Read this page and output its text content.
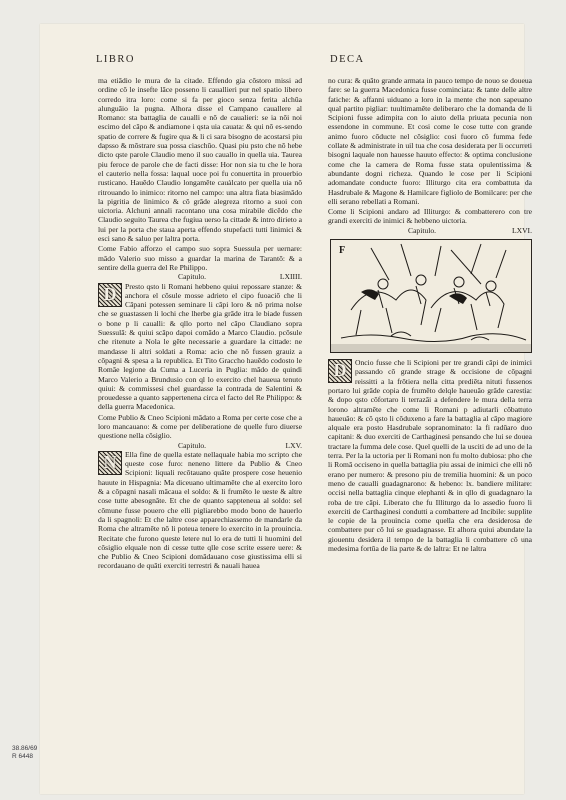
LIBRO	DECA

ma etiādio le mura de la citade. Effendo gia cōstoro missi ad ordine cō le insefte lāce posseno li cauallieri pur nel spatio libero corredo itra loro: come si fa per gioco senza ferita alchūa alunguāio la pugna. Alhora disse el Campano cauallere al Romano: sta battaglia de caualli e nō de caualieri: se ia nōi noi escimo del cāpo & andiamone i qsta uia cauata: & qui nō es-sendo spatio de correre & fugire qua & li ci sara bisogno de acostarsi piu dapsso & mōstrare sua possa ciaschūo. Quasi piu psto che nō hebe dicto qste parole Claudio meno il suo cauallo in quella uia. Taurea piu feroce de parole che de facti disse: Hor non sia tu che le hora el cauterio nella fossa: laqual uoce poi fu conuertita in prouerbio rusticano. Hauēdo Claudio longamēte cauàlcato per quella uia nō ritrouando lo inimico: ritorno nel campo: una altra fiata biasimādo la pigritia de linimico & cō grāde alegreza ritorno a suoi con uictoria. Alchuni annali racontano una cosa mirabile dicēdo che Claudio seguito Taurea che fugiua uerso la cittade & intro dirieto a lui per la porta che staua aperta effendo stupefacti tutti linimici & esci sano & saluo per laltra porta.

Come Fabio afforzo el campo suo sopra Suessula per uernare: mādo Valerio suo misso a guardar la marina de Tarantō: & a sentire della guerra del Re Philippo.

Capitulo.	LXIIII.
D	Presto qsto li Romani hebbeno quiui repossare stanze: & anchora el cōsule mosse adrieto el cipo fuoaciō che li Cāpani potessen seminare li cāpi loro & nō prima nolse che se guastassen li lochi che lherbe gia grāde itra le biade fussen o bone p li caualli: & qllo porto nel cāpo Claudiano sopra Suessulā: & quiui scāpo dapoi comādo a Marco Claudio. pcōsule che ritenute a Nola le gēte necessarie a guardare la cittade: ne mandasse li altri soldati a Roma: acio che nō fussen grauiz a cōpagni & spesa a la republica. Et Tito Graccho hauēdo codosto le Romāe legione da Cuma a Luceria in Puglia: mādo de quindi Marco Valerio a Brundusio con ql lo exercito chel haueua tenuto quiui: & commissesi chel guardasse la contrada de Salentini & prouedesse a quanto sappertenena circa el facto del Re Philippo: & della guerra Macedonica.

Come Publio & Cneo Scipioni mādato a Roma per certe cose che a loro mancauano: & come per deliberatione de quelle furo diuerse questione nella cōsiglio.

Capitulo.	LXV.
N	Ella fine de quella estate nellaquale habia mo scripto che queste cose furo: neneno littere da Publio & Cneo Scipioni: liquali recōtauano quāte prospere cose heuenio hauute in Hispagnia: Ma diceuano ultimamēte che al exercito loro & a cōpagni nasali mācaua el soldo: & li frumēto le ueste & altre cose tutte abesognāte. Et che de quanto sappteneua al soldo: sel cōmune fusse pouero che elli pigliarebbo modo bono de hauerlo da li spagnoli: Et che laltre cose apparechiassemo de mandarle da Roma che altramēte nō li poteua tenere lo exercito in la prouincia. Recitate che furono queste letere nul lo era de tutti li huomini del cōsiglio elquale non di cesse tutte qlle cose scrite essere uere: & che Publio & Cneo Scipioni domādauano cose giustissima elli si recordauano de quāti exerciti terrestri & nauali hauea

no cura: & quāto grande armata in pauco tempo de nouo se doueua fare: se la guerra Macedonica fusse cominciata: & tante delle altre fatiche: & affanni uiduano a loro in la mente che non sapeuano qual partito pigliar: tuultimamēte deliberaro che la domanda de li Scipioni fusse adimpita con lo aiuto della priuata pecunia non essendone in commune. Et cosi come le cose tutte con grande animo fuoro cōducte nel cōsiglio: cosi fuoro cō fumma fede collate & administrate in uil tua che cosa desiderata per li occurreti bisogni laquale non hauesse hauuto effecto: & optima conclusione come che la camera de Roma fusse stata opulentissima & abundante dogni richeza. Quando le cose per li Scipioni adomandate conducte fuoro: Illiturgo cita era combattuta da Hasdrubale & Magone & Hamilcare figliolo de Bomilcare: per che elli serano rebellati a Romani.

Come li Scipioni andaro ad Illiturgo: & combatterero con tre grandi exerciti de inimici & hebbeno uictoria.

Capitulo.	LXVI.
F
D	Oncio fusse che li Scipioni per tre grandi cāpi de inimici passando cō grande strage & occisione de cōpagni reissitti a la frōtiera nella citta prediēta nituti fussenos portaro lui grāde copia de frumēto delqle haueuāo grāde carestia: & dopo qsto cōfortaro li terrazāi a defendere le mura della terra lorono altramēte che come li Romani p adiutarli cōbattuto haueuāo: & cō qsto li cōduxeno a fare la battaglia al cāpo magiore alquale era posto Hasdrubale sopranominato: la fi radūaro duo capitani: & duo exerciti de Carthaginesi pensando che lui se douea tractare la fumma dele cose. Quel quelli de la usciti de ad uno de la terra. Per la la uctoria per li Romani non fu molto dubiosa: pho che li Romā occiseno in quella battaglia piu assai de inimici che elli nō erano per numero: & presono piu de tremilia huomini: & un poco meno de caualli guadagnarono: & hebeno: lx. bandiere militare: occisi nella battaglia cinque elephanti & in qllo di guadagnaro la roba de tre cāpi. Liberato che fu Illiturgo da lo assedio fuoro li exerciti de Carthaginesi condutti a combattere ad Incibile: supplite le copie de la prouincia come quella che era desiderosa de combattere pur cō lui se guadagnasse. Et alhora quiui abundate la giouentu desidera il tempo de la battaglia li combattere cō una medesima fortūa de lia parte & de laltra: Et ne laltra

38.86/69
R 6448
